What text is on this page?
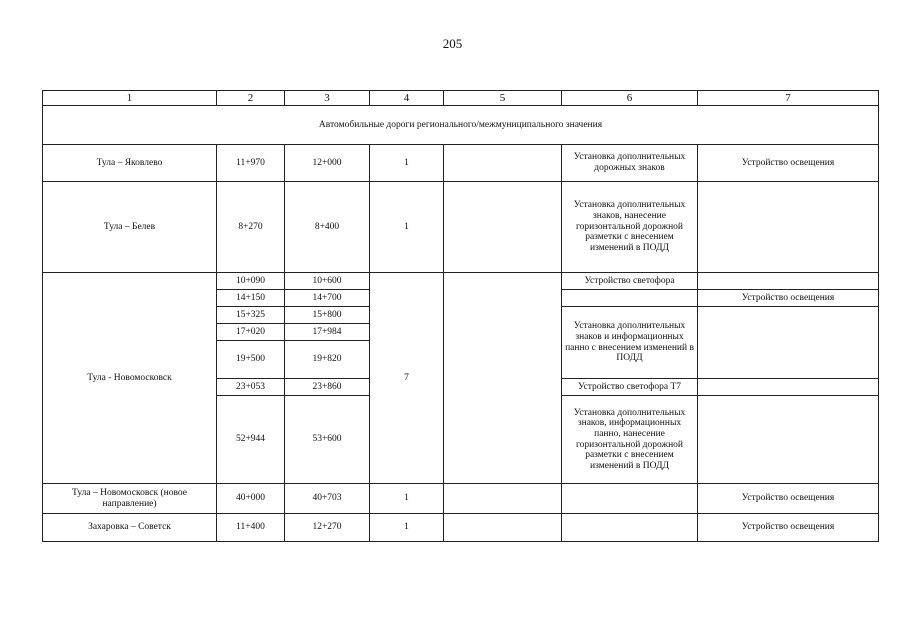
205
1	2	3	4	5	6	7
Автомобильные дороги регионального/межмуниципального значения						
Тула – Яковлево	11+970	12+000	1		Установка дополнительных дорожных знаков	Устройство освещения
Тула – Белев	8+270	8+400	1		Установка дополнительных знаков, нанесение горизонтальной дорожной разметки с внесением изменений в ПОДД	
Тула - Новомосковск	10+090	10+600	7		Устройство светофора	
	14+150	14+700				Устройство освещения
	15+325	15+800			Установка дополнительных знаков и информационных панно с внесением изменений в ПОДД	
	17+020	17+984				
	19+500	19+820				
	23+053	23+860			Устройство светофора Т7	
	52+944	53+600			Установка дополнительных знаков, информационных панно, нанесение горизонтальной дорожной разметки с внесением изменений в ПОДД	
Тула – Новомосковск (новое направление)	40+000	40+703	1			Устройство освещения
Захаровка – Советск	11+400	12+270	1			Устройство освещения
